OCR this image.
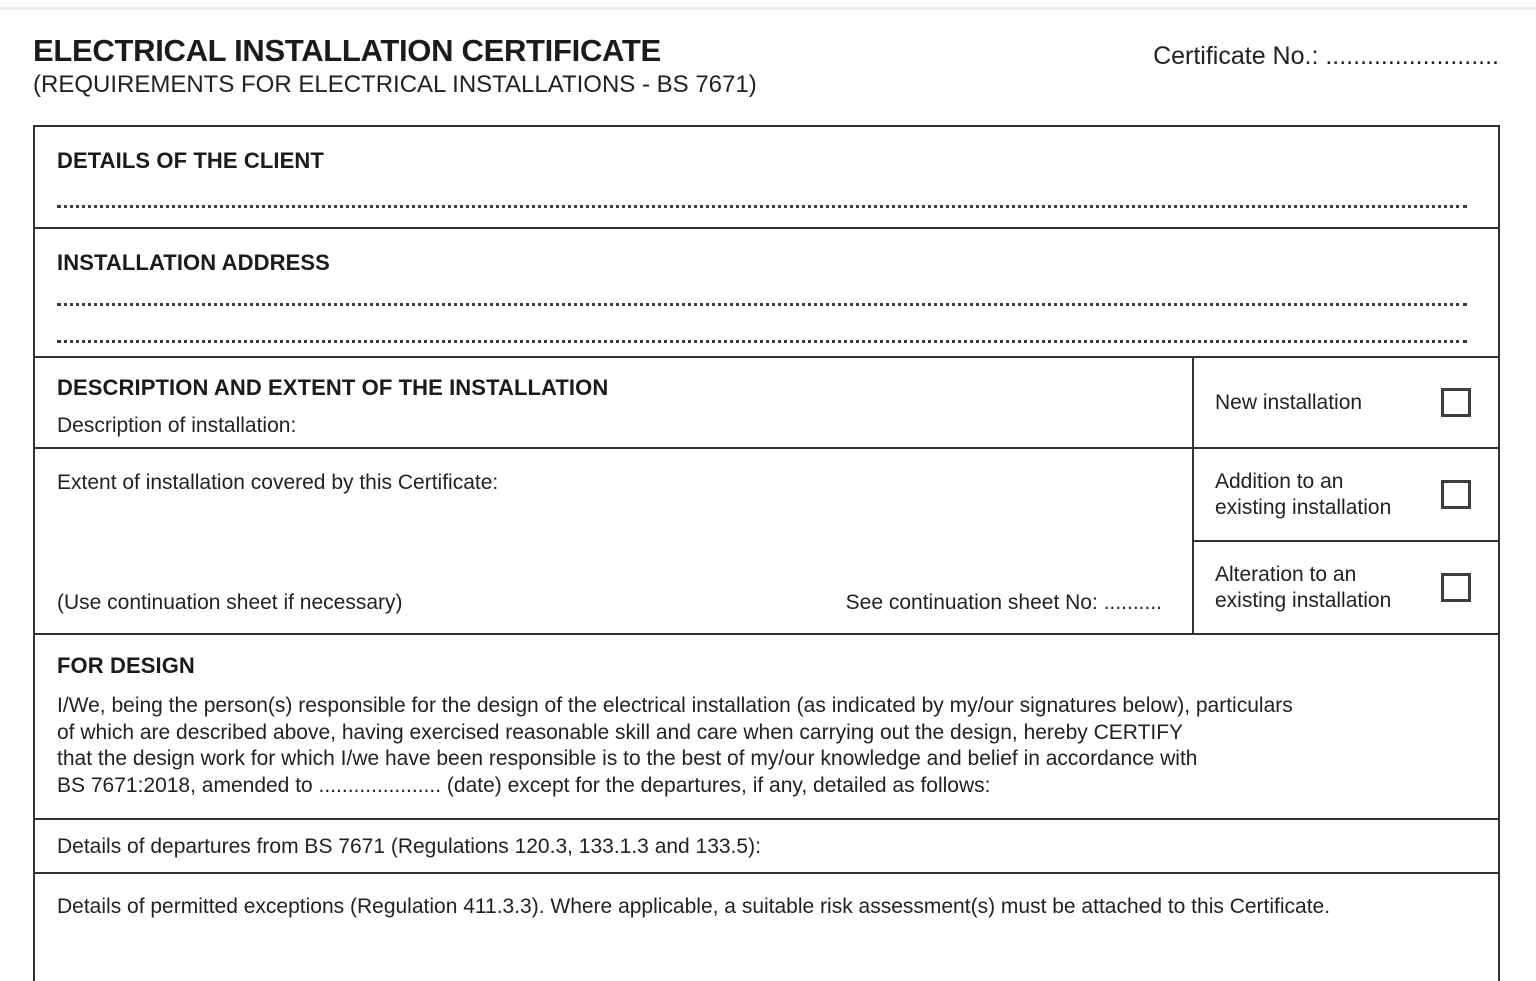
ELECTRICAL INSTALLATION CERTIFICATE
(REQUIREMENTS FOR ELECTRICAL INSTALLATIONS - BS 7671)
Certificate No.: .........................
DETAILS OF THE CLIENT
INSTALLATION ADDRESS
DESCRIPTION AND EXTENT OF THE INSTALLATION
Description of installation:
New installation
Extent of installation covered by this Certificate:
(Use continuation sheet if necessary)	See continuation sheet No: ..........
Addition to an existing installation
Alteration to an existing installation
FOR DESIGN
I/We, being the person(s) responsible for the design of the electrical installation (as indicated by my/our signatures below), particulars
of which are described above, having exercised reasonable skill and care when carrying out the design, hereby CERTIFY
that the design work for which I/we have been responsible is to the best of my/our knowledge and belief in accordance with
BS 7671:2018, amended to ..................... (date) except for the departures, if any, detailed as follows:
Details of departures from BS 7671 (Regulations 120.3, 133.1.3 and 133.5):
Details of permitted exceptions (Regulation 411.3.3). Where applicable, a suitable risk assessment(s) must be attached to this Certificate.
